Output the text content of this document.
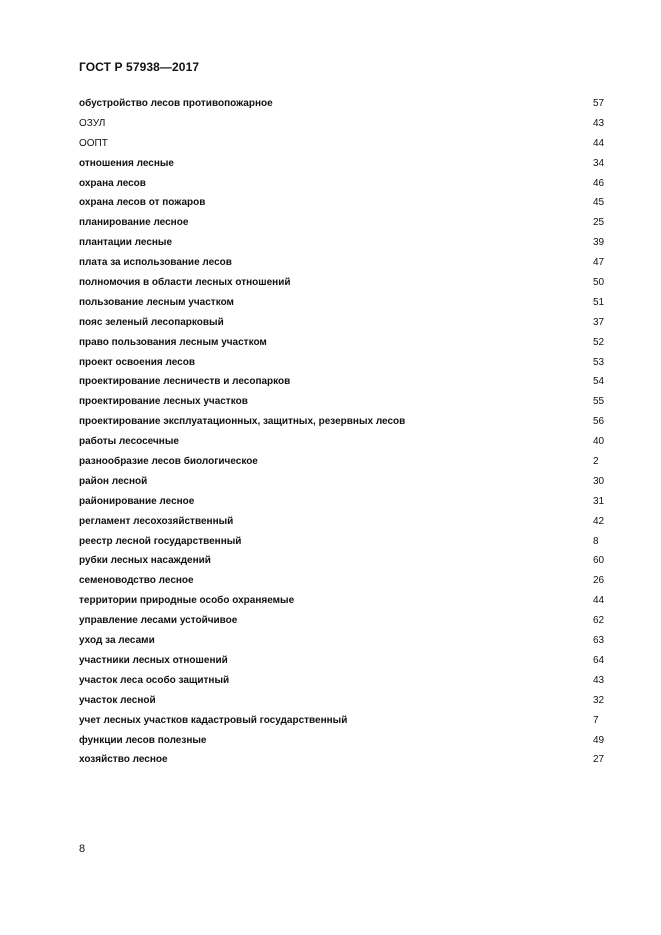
ГОСТ Р 57938—2017
обустройство лесов противопожарное	57
ОЗУЛ	43
ООПТ	44
отношения лесные	34
охрана лесов	46
охрана лесов от пожаров	45
планирование лесное	25
плантации лесные	39
плата за использование лесов	47
полномочия в области лесных отношений	50
пользование лесным участком	51
пояс зеленый лесопарковый	37
право пользования лесным участком	52
проект освоения лесов	53
проектирование лесничеств и лесопарков	54
проектирование лесных участков	55
проектирование эксплуатационных, защитных, резервных лесов	56
работы лесосечные	40
разнообразие лесов биологическое	2
район лесной	30
районирование лесное	31
регламент лесохозяйственный	42
реестр лесной государственный	8
рубки лесных насаждений	60
семеноводство лесное	26
территории природные особо охраняемые	44
управление лесами устойчивое	62
уход за лесами	63
участники лесных отношений	64
участок леса особо защитный	43
участок лесной	32
учет лесных участков кадастровый государственный	7
функции лесов полезные	49
хозяйство лесное	27
8
